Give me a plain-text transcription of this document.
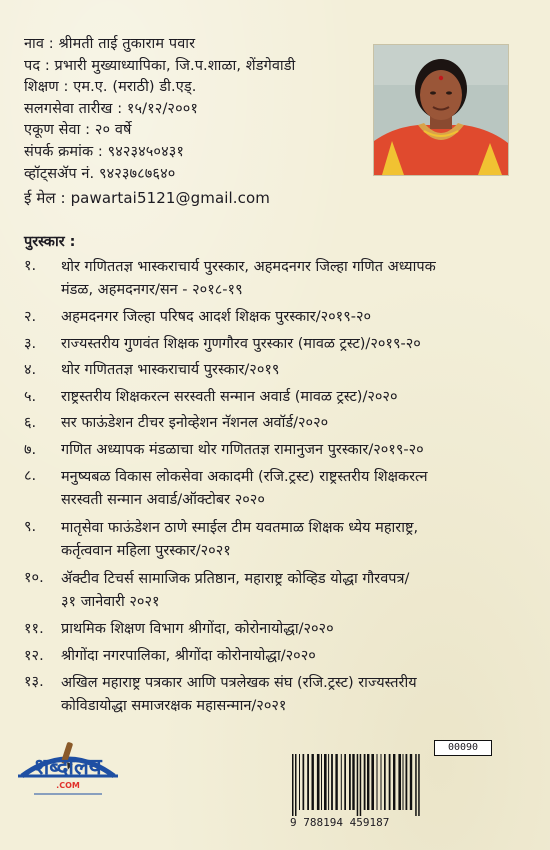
नाव : श्रीमती ताई तुकाराम पवार
पद : प्रभारी मुख्याध्यापिका, जि.प.शाळा, शेंडगेवाडी
शिक्षण : एम.ए. (मराठी) डी.एड्.
सलगसेवा तारीख : १५/१२/२००१
एकूण सेवा : २० वर्षे
संपर्क क्रमांक : ९४२३४५०४३१
व्हॉट्सॲप नं. ९४२३७८७६४०
ई मेल : pawartai5121@gmail.com
पुरस्कार :
१.	थोर गणिततज्ञ भास्कराचार्य पुरस्कार, अहमदनगर जिल्हा गणित अध्यापक
मंडळ, अहमदनगर/सन - २०१८-१९
२.	अहमदनगर जिल्हा परिषद आदर्श शिक्षक पुरस्कार/२०१९-२०
३.	राज्यस्तरीय गुणवंत शिक्षक गुणगौरव पुरस्कार (मावळ ट्रस्ट)/२०१९-२०
४.	थोर गणिततज्ञ भास्कराचार्य पुरस्कार/२०१९
५.	राष्ट्रस्तरीय शिक्षकरत्न सरस्वती सन्मान अवार्ड (मावळ ट्रस्ट)/२०२०
६.	सर फाऊंडेशन टीचर इनोव्हेशन नॅशनल अवॉर्ड/२०२०
७.	गणित अध्यापक मंडळाचा थोर गणिततज्ञ रामानुजन पुरस्कार/२०१९-२०
८.	मनुष्यबळ विकास लोकसेवा अकादमी (रजि.ट्रस्ट) राष्ट्रस्तरीय शिक्षकरत्न
सरस्वती सन्मान अवार्ड/ऑक्टोबर २०२०
९.	मातृसेवा फाऊंडेशन ठाणे स्माईल टीम यवतमाळ शिक्षक ध्येय महाराष्ट्र,
कर्तृत्ववान महिला पुरस्कार/२०२१
१०.	ॲक्टीव टिचर्स सामाजिक प्रतिष्ठान, महाराष्ट्र कोव्हिड योद्धा गौरवपत्र/
३१ जानेवारी २०२१
११.	प्राथमिक शिक्षण विभाग श्रीगोंदा, कोरोनायोद्धा/२०२०
१२.	श्रीगोंदा नगरपालिका, श्रीगोंदा कोरोनायोद्धा/२०२०
१३.	अखिल महाराष्ट्र पत्रकार आणि पत्रलेखक संघ (रजि.ट्रस्ट) राज्यस्तरीय
कोविडायोद्धा समाजरक्षक महासन्मान/२०२१
शब्दालय
.COM
00090
9 788194 459187
